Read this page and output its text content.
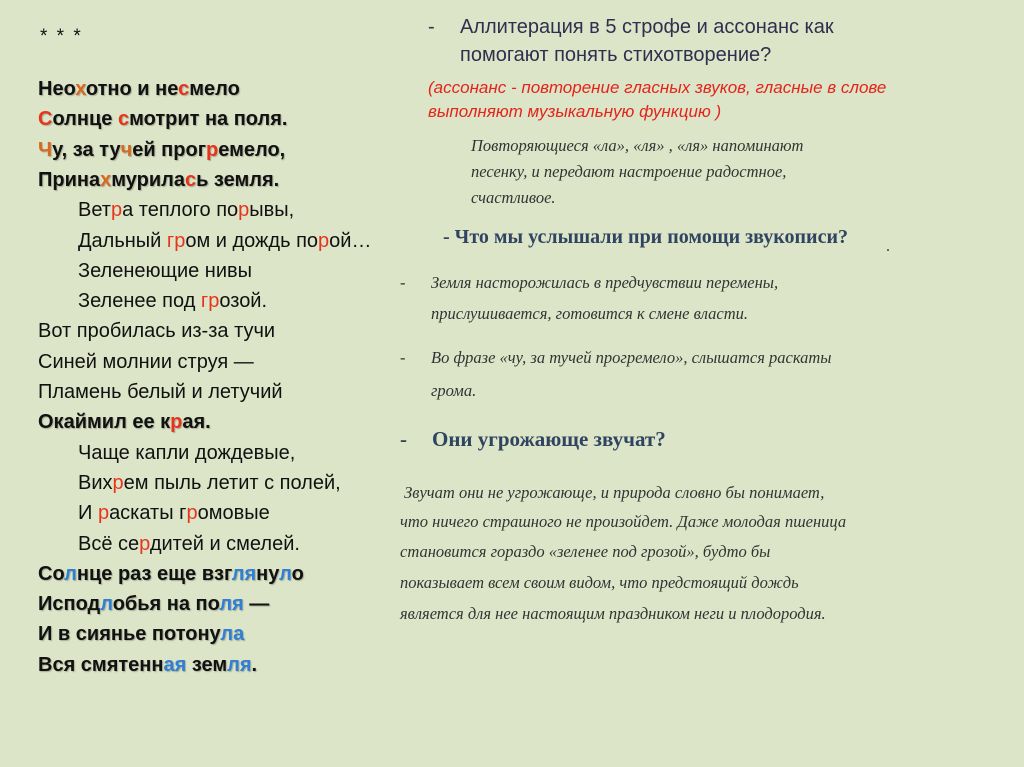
* * *
Неохотно и несмело
Солнце смотрит на поля.
Чу, за тучей прогремело,
Принахмурилась земля.
Ветра теплого порывы,
Дальный гром и дождь порой…
Зеленеющие нивы
Зеленее под грозой.
Вот пробилась из-за тучи
Синей молнии струя —
Пламень белый и летучий
Окаймил ее края.
Чаще капли дождевые,
Вихрем пыль летит с полей,
И раскаты громовые
Всё сердитей и смелей.
Солнце раз еще взглянуло
Исподлобья на поля —
И в сиянье потонула
Вся смятенная земля.
- Аллитерация в 5 строфе и ассонанс как
помогают понять стихотворение?
(ассонанс - повторение гласных звуков, гласные в слове
выполняют музыкальную функцию )
Повторяющиеся «ла», «ля» , «ля» напоминают
песенку, и передают настроение радостное,
счастливое.
- Что мы услышали при помощи звукописи? .
- Земля насторожилась в предчувствии перемены,
прислушивается, готовится к смене власти.
- Во фразе «чу, за тучей прогремело», слышатся раскаты
грома.
- Они угрожающе звучат?
Звучат они не угрожающе, и природа словно бы понимает,
что ничего страшного не произойдет. Даже молодая пшеница
становится гораздо «зеленее под грозой», будто бы
показывает всем своим видом, что предстоящий дождь
является для нее настоящим праздником неги и плодородия.
